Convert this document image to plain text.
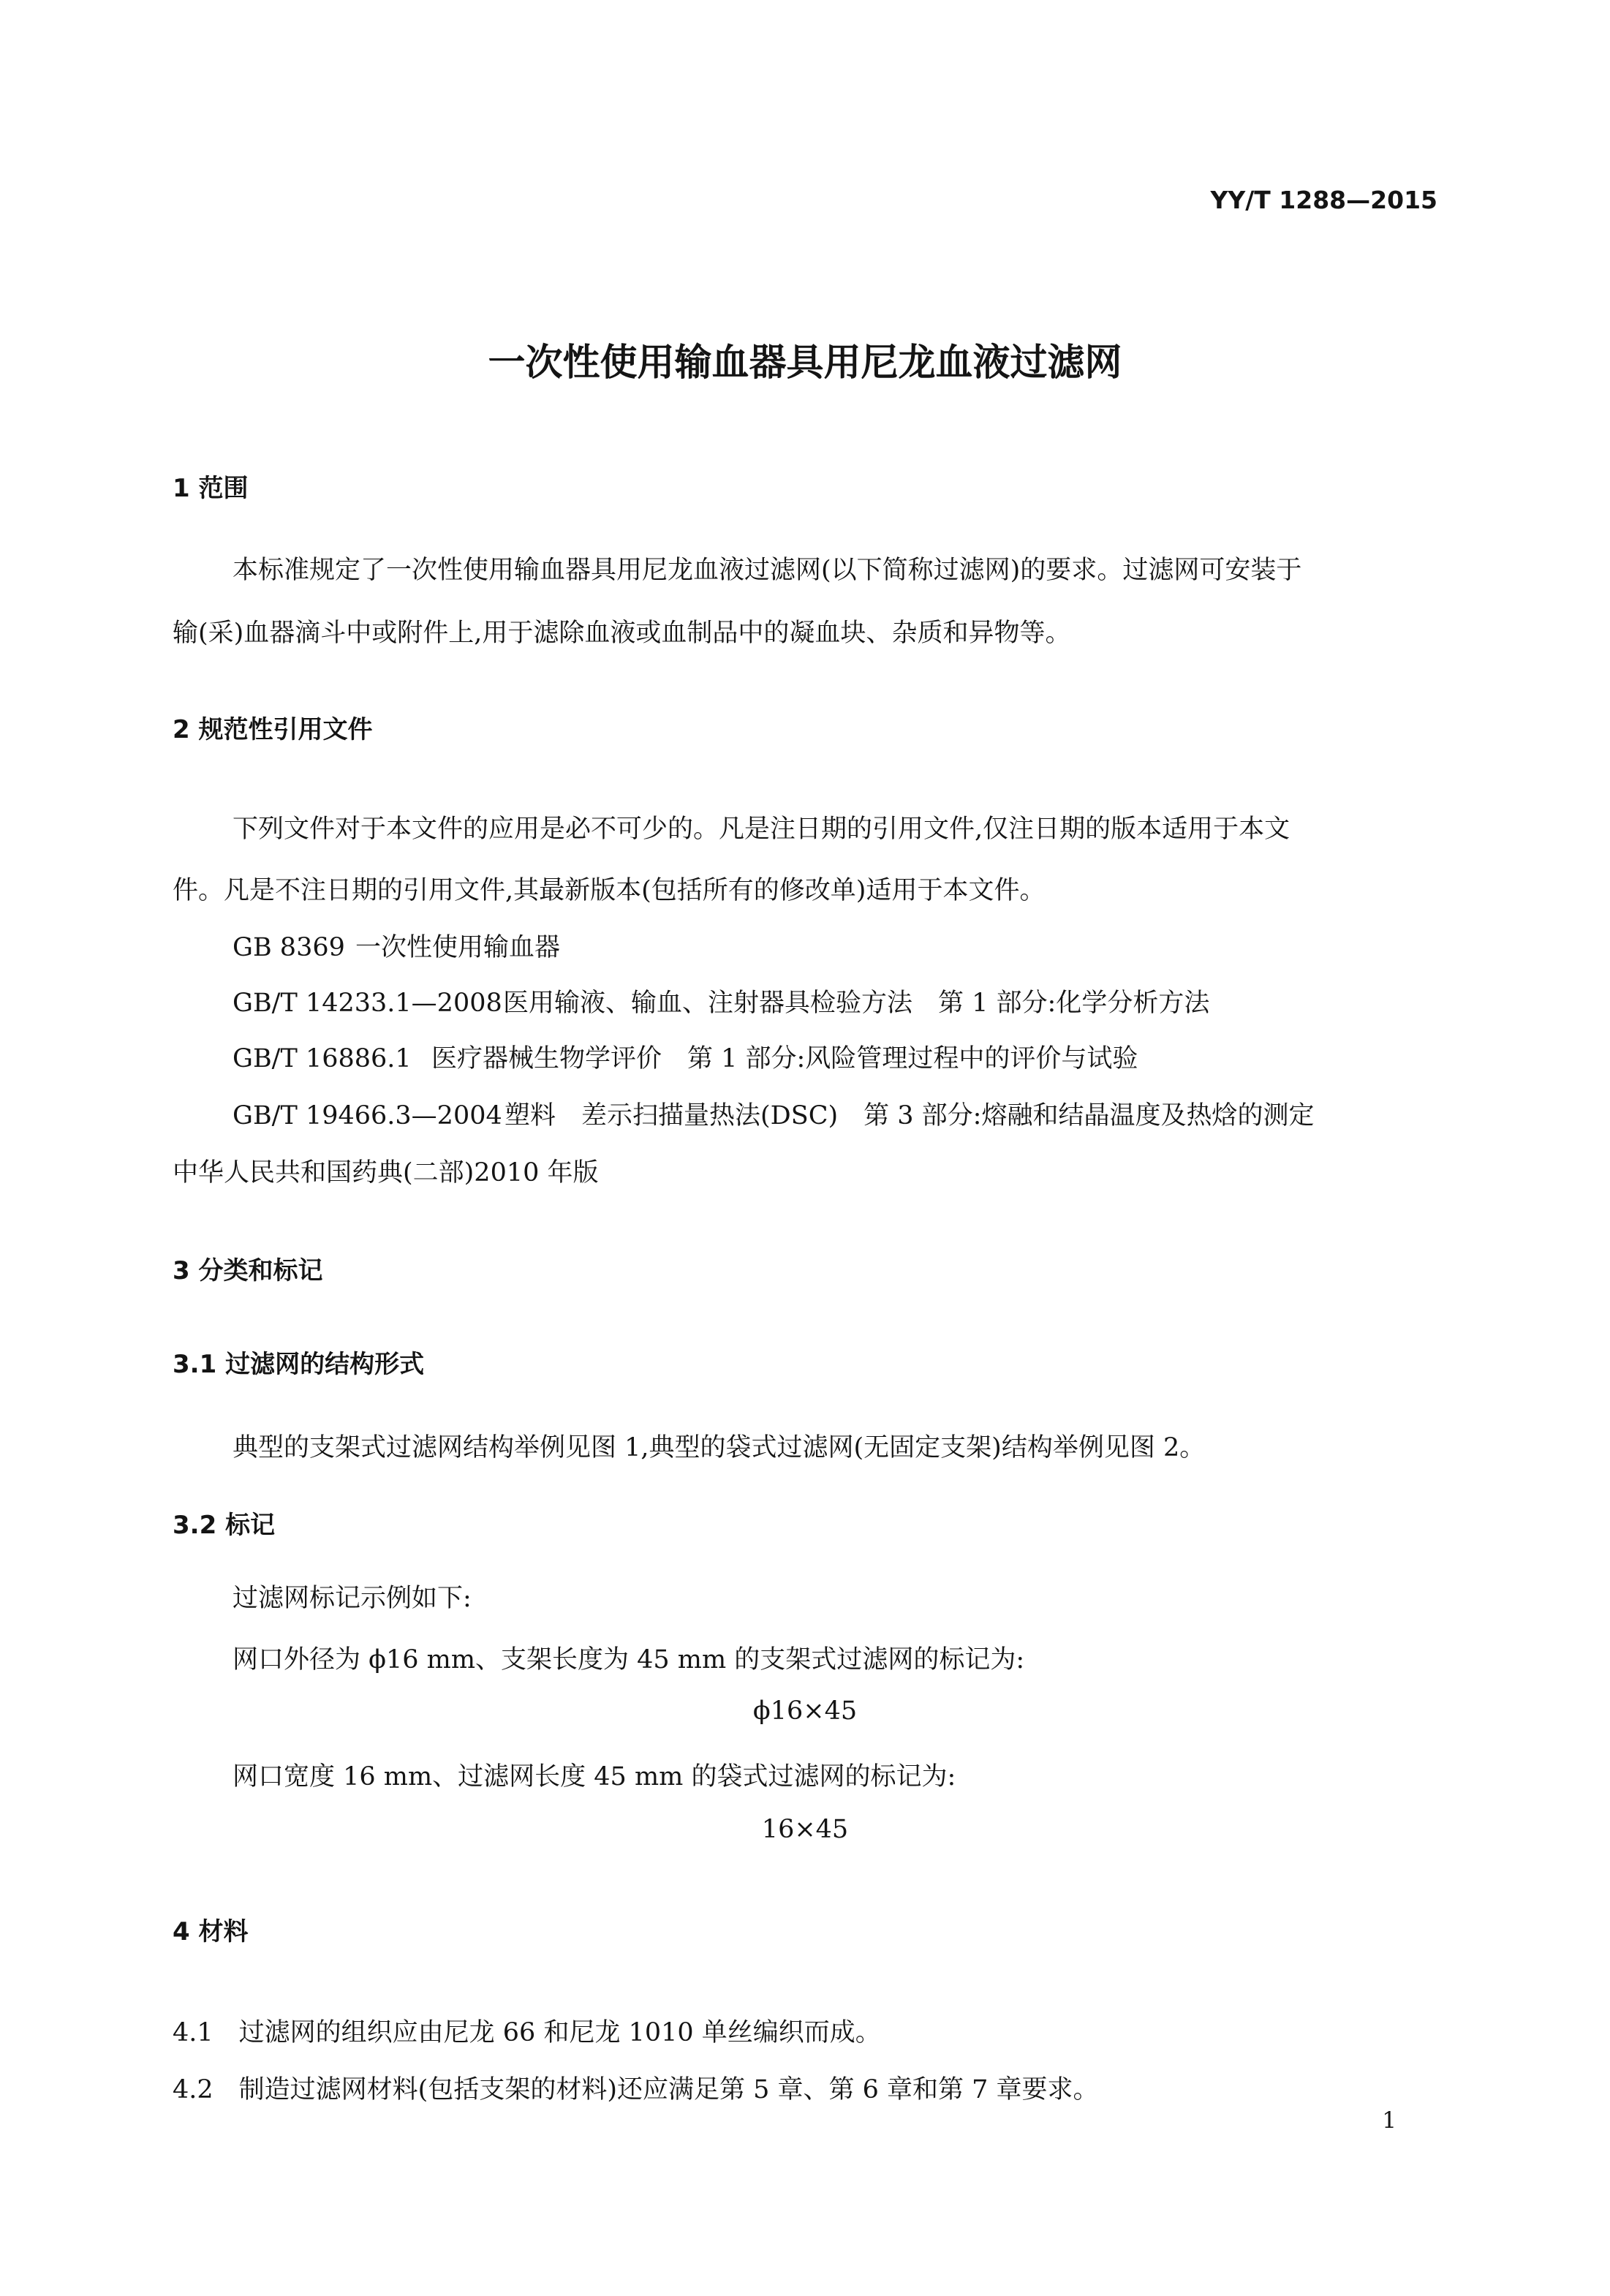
YY/T 1288—2015
一次性使用输血器具用尼龙血液过滤网
1 范围
本标准规定了一次性使用输血器具用尼龙血液过滤网(以下简称过滤网)的要求。过滤网可安装于
输(采)血器滴斗中或附件上,用于滤除血液或血制品中的凝血块、杂质和异物等。
2 规范性引用文件
下列文件对于本文件的应用是必不可少的。凡是注日期的引用文件,仅注日期的版本适用于本文
件。凡是不注日期的引用文件,其最新版本(包括所有的修改单)适用于本文件。
GB 8369 一次性使用输血器
GB/T 14233.1—2008医用输液、输血、注射器具检验方法　第 1 部分:化学分析方法
GB/T 16886.1 医疗器械生物学评价　第 1 部分:风险管理过程中的评价与试验
GB/T 19466.3—2004塑料　差示扫描量热法(DSC)　第 3 部分:熔融和结晶温度及热焓的测定
中华人民共和国药典(二部)2010 年版
3 分类和标记
3.1 过滤网的结构形式
典型的支架式过滤网结构举例见图 1,典型的袋式过滤网(无固定支架)结构举例见图 2。
3.2 标记
过滤网标记示例如下:
网口外径为 ϕ16 mm、支架长度为 45 mm 的支架式过滤网的标记为:
ϕ16×45
网口宽度 16 mm、过滤网长度 45 mm 的袋式过滤网的标记为:
16×45
4 材料
4.1　过滤网的组织应由尼龙 66 和尼龙 1010 单丝编织而成。
4.2　制造过滤网材料(包括支架的材料)还应满足第 5 章、第 6 章和第 7 章要求。
1
